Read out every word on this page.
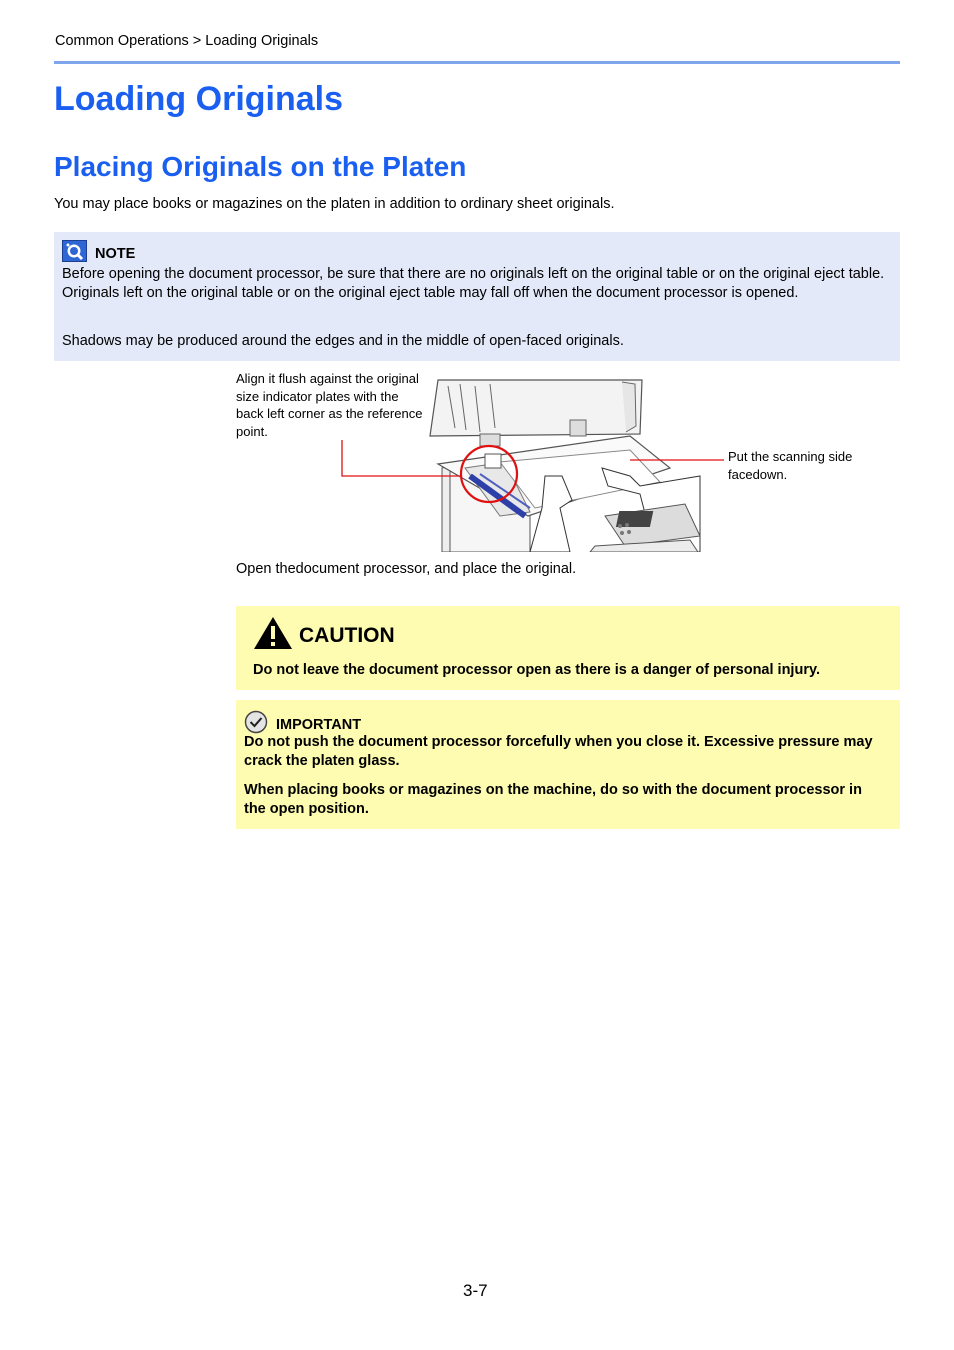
Common Operations > Loading Originals
Loading Originals
Placing Originals on the Platen
You may place books or magazines on the platen in addition to ordinary sheet originals.
NOTE

Before opening the document processor, be sure that there are no originals left on the original table or on the original eject table. Originals left on the original table or on the original eject table may fall off when the document processor is opened.

Shadows may be produced around the edges and in the middle of open-faced originals.

Align it flush against the original size indicator plates with the back left corner as the reference point.

Put the scanning side facedown.

Open thedocument processor, and place the original.
CAUTION

Do not leave the document processor open as there is a danger of personal injury.

IMPORTANT

Do not push the document processor forcefully when you close it. Excessive pressure may crack the platen glass.

When placing books or magazines on the machine, do so with the document processor in the open position.

3-7
